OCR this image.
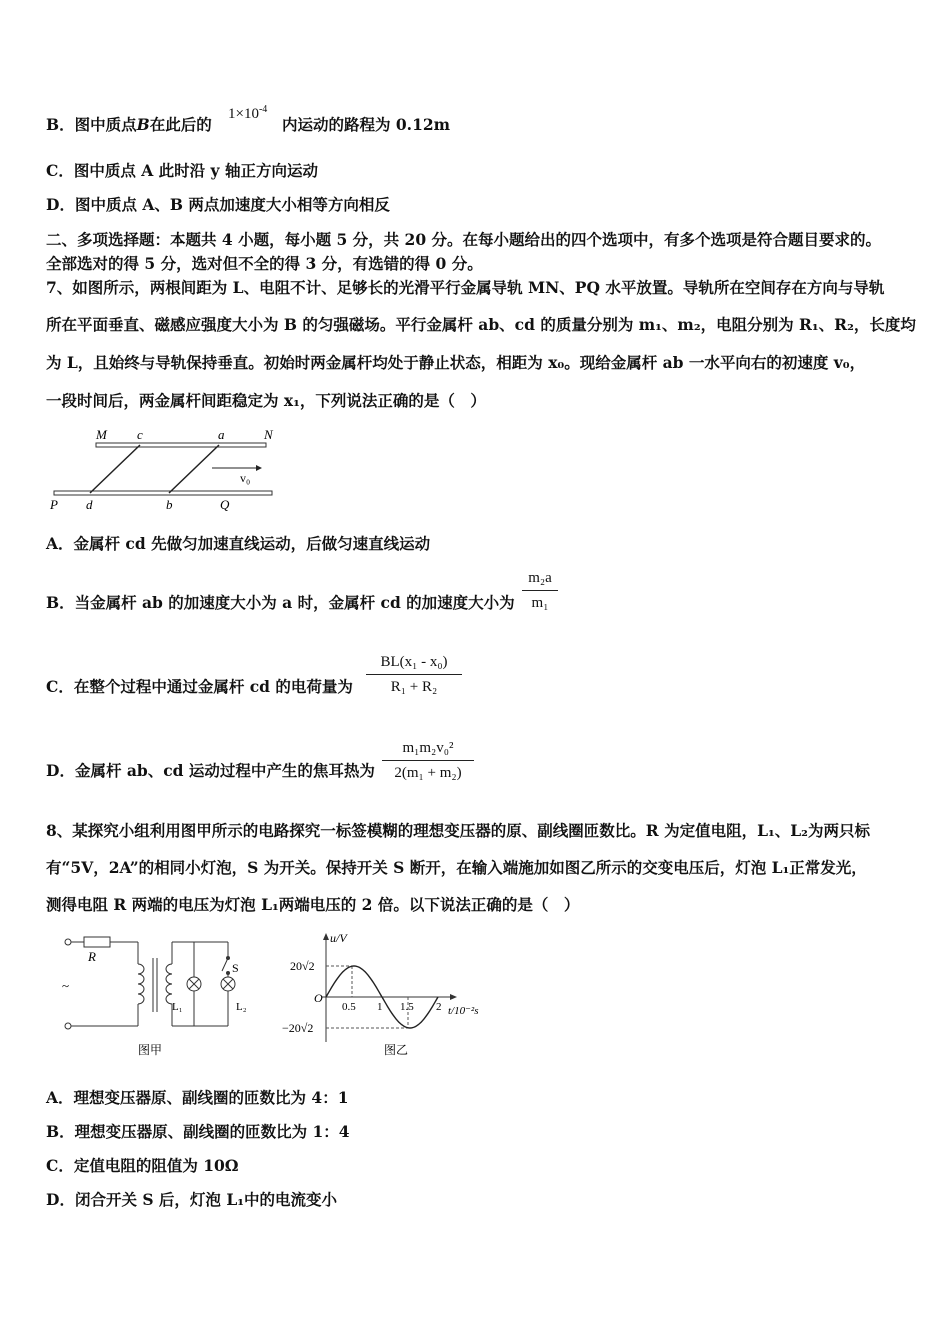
B．图中质点B在此后的
$1\times 10^{-4}$
内运动的路程为 0.12m
C．图中质点 A 此时沿 y 轴正方向运动
D．图中质点 A、B 两点加速度大小相等方向相反
二、多项选择题：本题共 4 小题，每小题 5 分，共 20 分。在每小题给出的四个选项中，有多个选项是符合题目要求的。
全部选对的得 5 分，选对但不全的得 3 分，有选错的得 0 分。
7、如图所示，两根间距为 L、电阻不计、足够长的光滑平行金属导轨 MN、PQ 水平放置。导轨所在空间存在方向与导轨
所在平面垂直、磁感应强度大小为 B 的匀强磁场。平行金属杆 ab、cd 的质量分别为 m₁、m₂，电阻分别为 R₁、R₂，长度均
为 L，且始终与导轨保持垂直。初始时两金属杆均处于静止状态，相距为 x₀。现给金属杆 ab 一水平向右的初速度 v₀，
一段时间后，两金属杆间距稳定为 x₁，下列说法正确的是（　）
M c	a	N
v₀
P d	b	Q
A．金属杆 cd 先做匀加速直线运动，后做匀速直线运动
B．当金属杆 ab 的加速度大小为 a 时，金属杆 cd 的加速度大小为
m₂a
m₁
C．在整个过程中通过金属杆 cd 的电荷量为
BL(x₁ - x₀)
R₁ + R₂
D．金属杆 ab、cd 运动过程中产生的焦耳热为
m₁m₂v₀²
2(m₁ + m₂)
8、某探究小组利用图甲所示的电路探究一标签模糊的理想变压器的原、副线圈匝数比。R 为定值电阻，L₁、L₂为两只标
有“5V，2A”的相同小灯泡，S 为开关。保持开关 S 断开，在输入端施加如图乙所示的交变电压后，灯泡 L₁正常发光，
测得电阻 R 两端的电压为灯泡 L₁两端电压的 2 倍。以下说法正确的是（　）
R
S
L₁	L₂
~
图甲
u/V
20√2
O
−20√2
0.5 1 1.5 2 t/10⁻²s
图乙
A．理想变压器原、副线圈的匝数比为 4：1
B．理想变压器原、副线圈的匝数比为 1：4
C．定值电阻的阻值为 10Ω
D．闭合开关 S 后，灯泡 L₁中的电流变小
